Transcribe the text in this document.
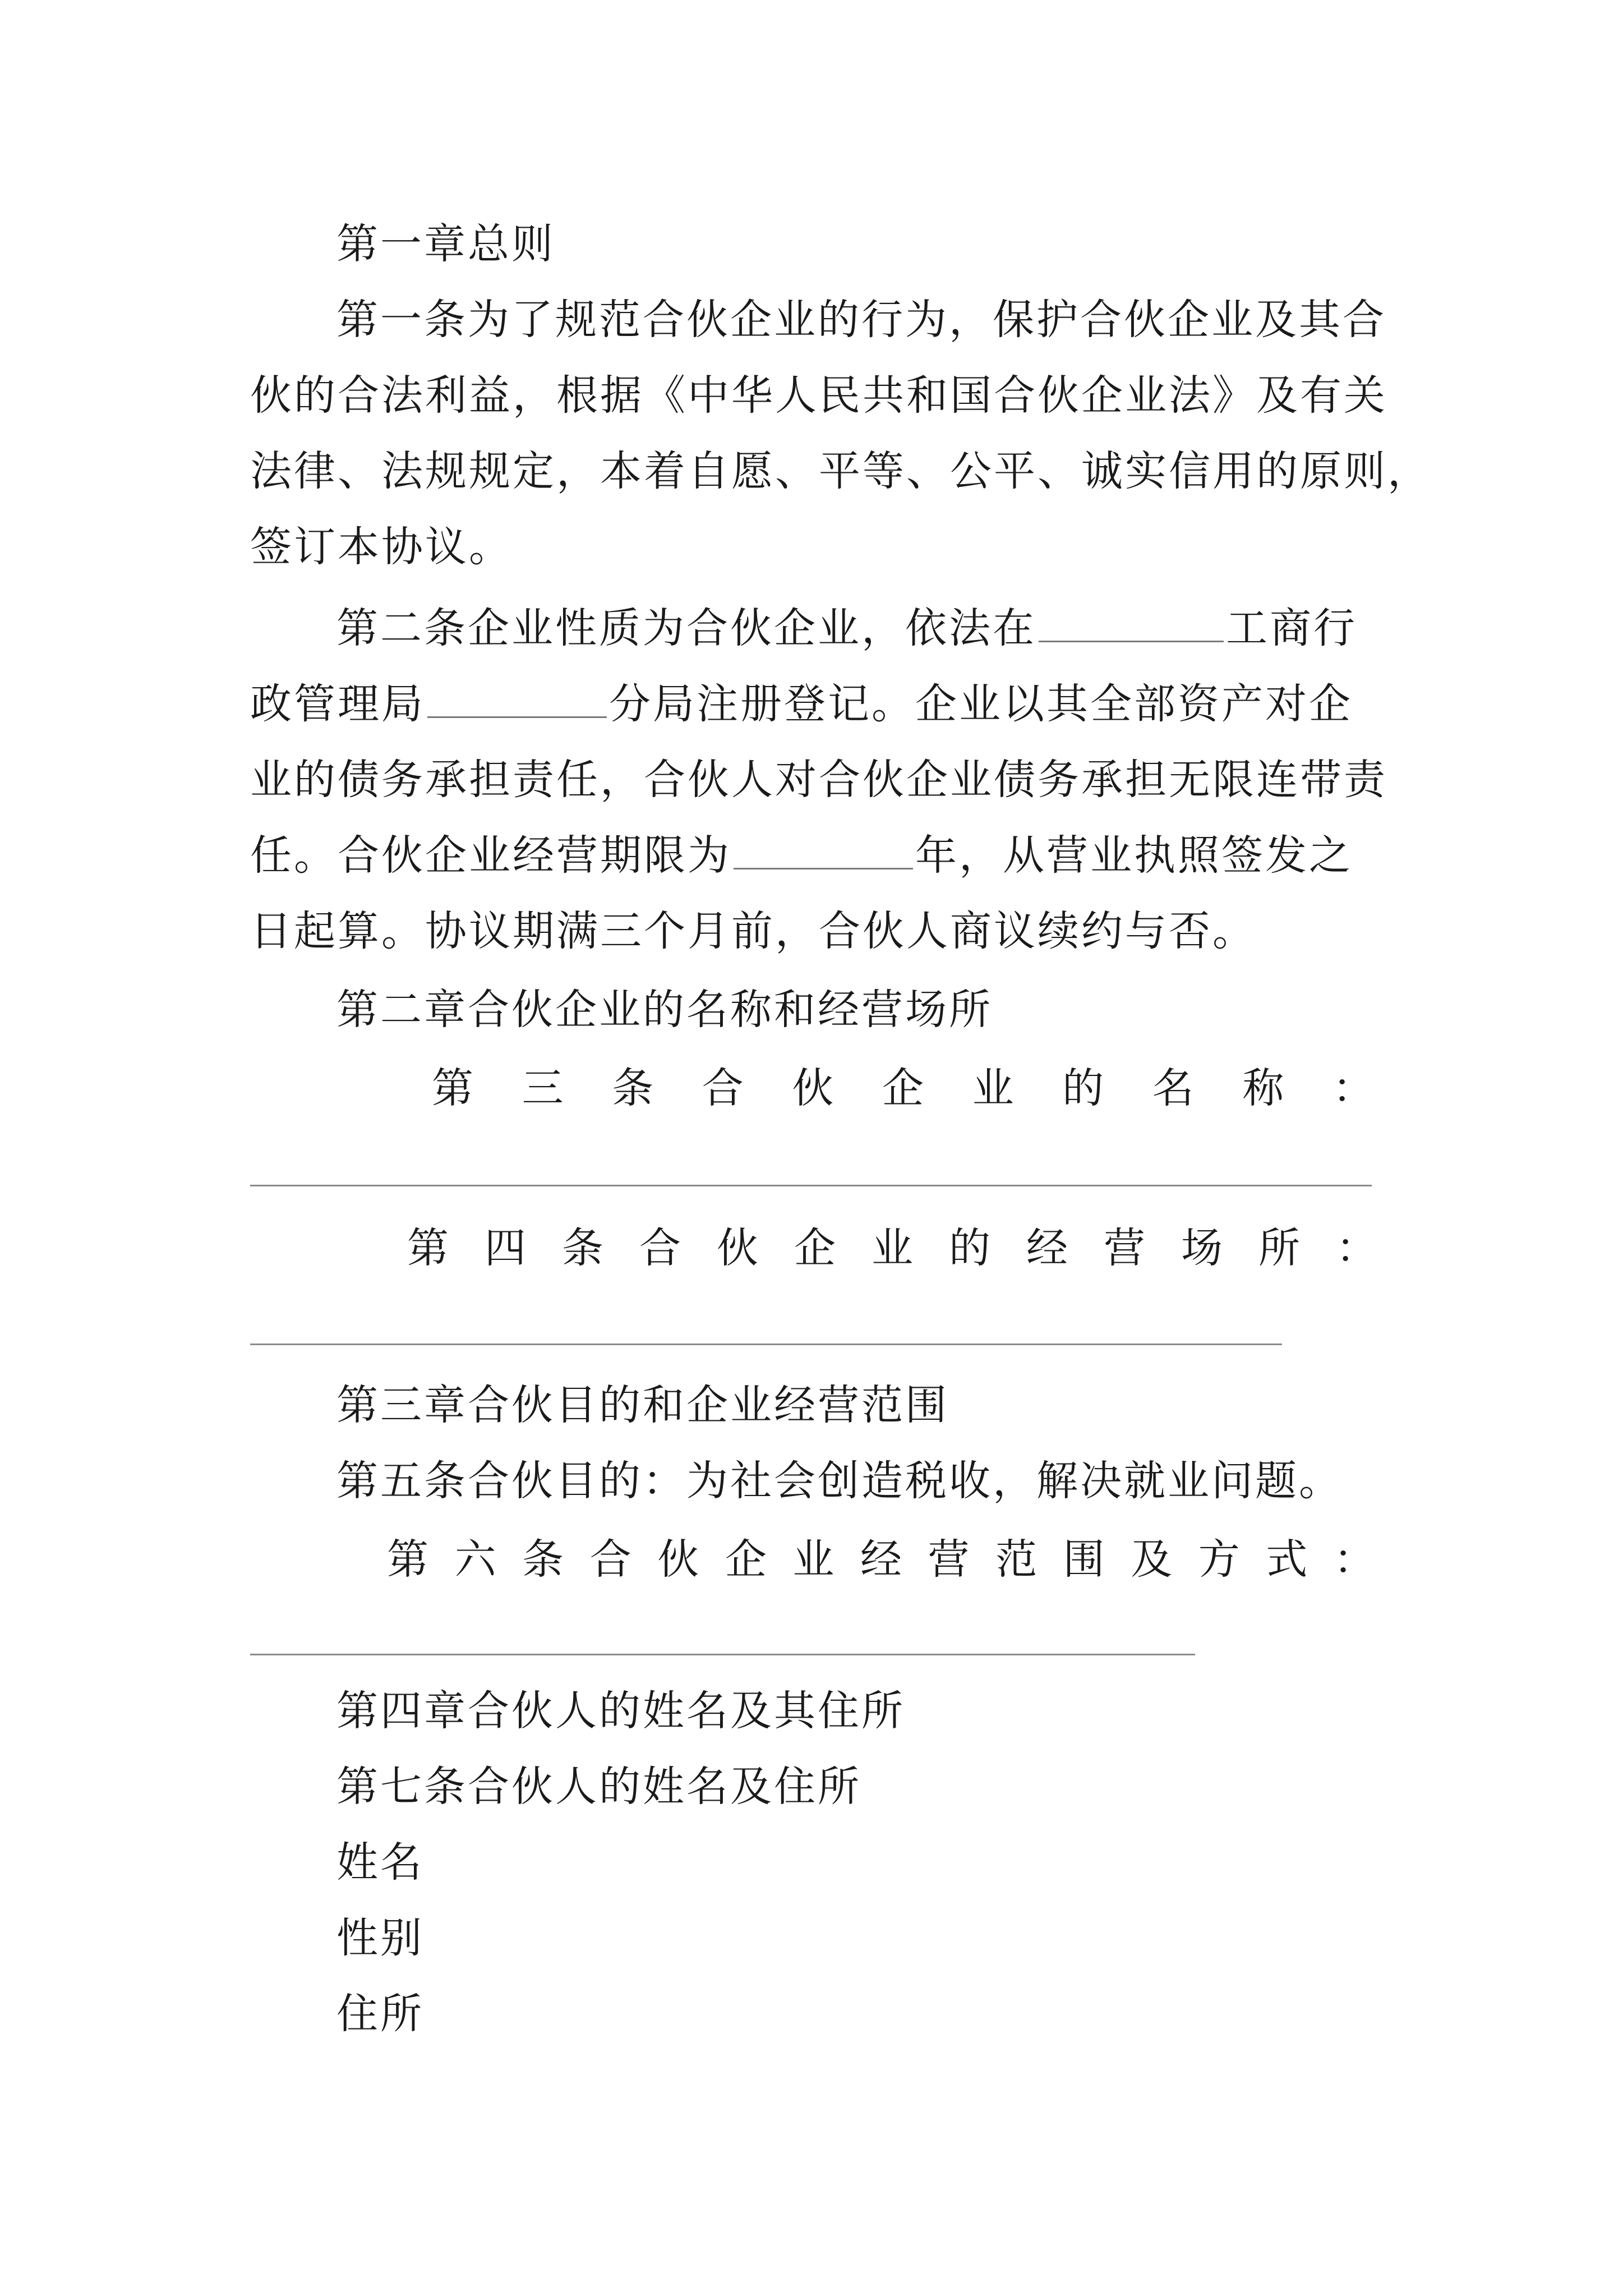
第一章总则
第一条为了规范合伙企业的行为，保护合伙企业及其合
伙的合法利益，根据《中华人民共和国合伙企业法》及有关
法律、法规规定，本着自愿、平等、公平、诚实信用的原则，
签订本协议。
第二条企业性质为合伙企业，依法在	工商行
政管理局	分局注册登记。企业以其全部资产对企
业的债务承担责任，合伙人对合伙企业债务承担无限连带责
任。合伙企业经营期限为	年，从营业执照签发之
日起算。协议期满三个月前，合伙人商议续约与否。
第二章合伙企业的名称和经营场所
第 三 条 合 伙 企 业 的 名 称 ：
第 四 条 合 伙 企 业 的 经 营 场 所 ：
第三章合伙目的和企业经营范围
第五条合伙目的：为社会创造税收，解决就业问题。
第 六 条 合 伙 企 业 经 营 范 围 及 方 式 ：
第四章合伙人的姓名及其住所
第七条合伙人的姓名及住所
姓名
性别
住所
